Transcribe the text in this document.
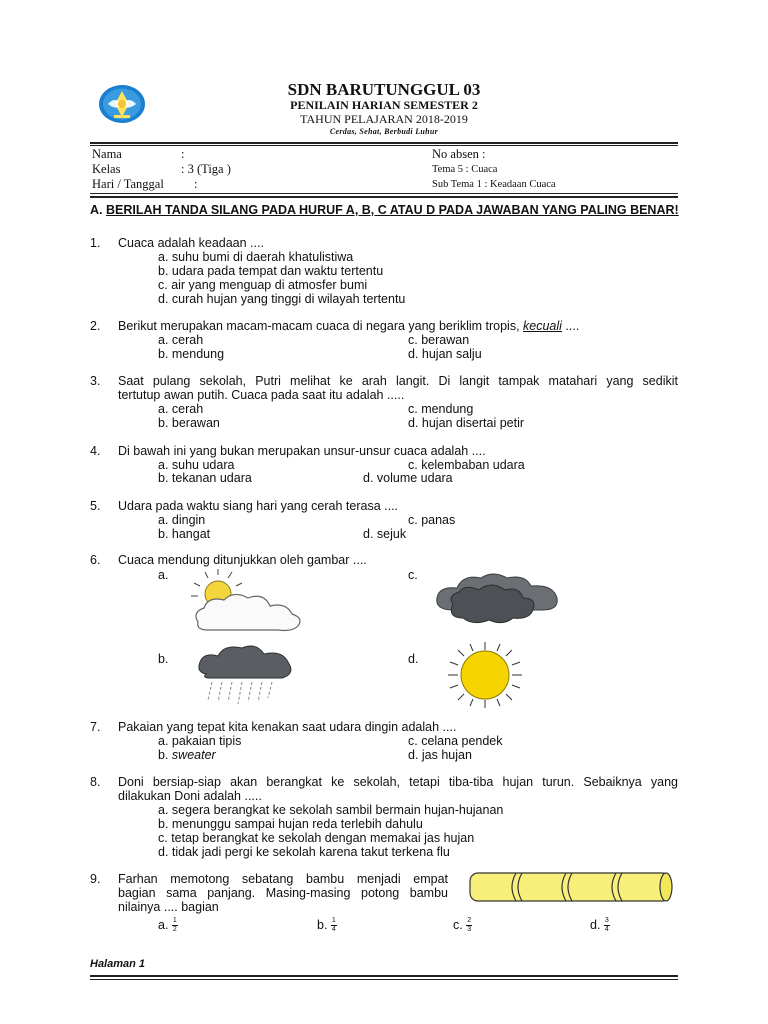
SDN BARUTUNGGUL 03
PENILAIN HARIAN SEMESTER 2
TAHUN PELAJARAN 2018-2019
Cerdas, Sehat, Berbudi Luhur
Nama	:
Kelas	: 3 (Tiga )
Hari / Tanggal :
No absen :
Tema 5 : Cuaca
Sub Tema 1 : Keadaan Cuaca
A. BERILAH TANDA SILANG PADA HURUF A, B, C ATAU D PADA JAWABAN YANG PALING BENAR!
1. Cuaca adalah keadaan ....
a. suhu bumi di daerah khatulistiwa
b. udara pada tempat dan waktu tertentu
c. air yang menguap di atmosfer bumi
d. curah hujan yang tinggi di wilayah tertentu
2. Berikut merupakan macam-macam cuaca di negara yang beriklim tropis, kecuali ....
a. cerah	c. berawan
b. mendung	d. hujan salju
3. Saat pulang sekolah, Putri melihat ke arah langit. Di langit tampak matahari yang sedikit
tertutup awan putih. Cuaca pada saat itu adalah .....
a. cerah	c. mendung
b. berawan	d. hujan disertai petir
4. Di bawah ini yang bukan merupakan unsur-unsur cuaca adalah ....
a. suhu udara	c. kelembaban udara
b. tekanan udara	d. volume udara
5. Udara pada waktu siang hari yang cerah terasa ....
a. dingin	c. panas
b. hangat	d. sejuk
6. Cuaca mendung ditunjukkan oleh gambar ....
a.	c.
b.	d.
7. Pakaian yang tepat kita kenakan saat udara dingin adalah ....
a. pakaian tipis	c. celana pendek
b. sweater	d. jas hujan
8. Doni bersiap-siap akan berangkat ke sekolah, tetapi tiba-tiba hujan turun. Sebaiknya yang
dilakukan Doni adalah .....
a. segera berangkat ke sekolah sambil bermain hujan-hujanan
b. menunggu sampai hujan reda terlebih dahulu
c. tetap berangkat ke sekolah dengan memakai jas hujan
d. tidak jadi pergi ke sekolah karena takut terkena flu
9. Farhan memotong sebatang bambu menjadi empat
bagian sama panjang. Masing-masing potong bambu
nilainya .... bagian
a. $\frac{1}{2}$	b. $\frac{1}{4}$	c. $\frac{2}{3}$	d. $\frac{3}{4}$
Halaman 1
